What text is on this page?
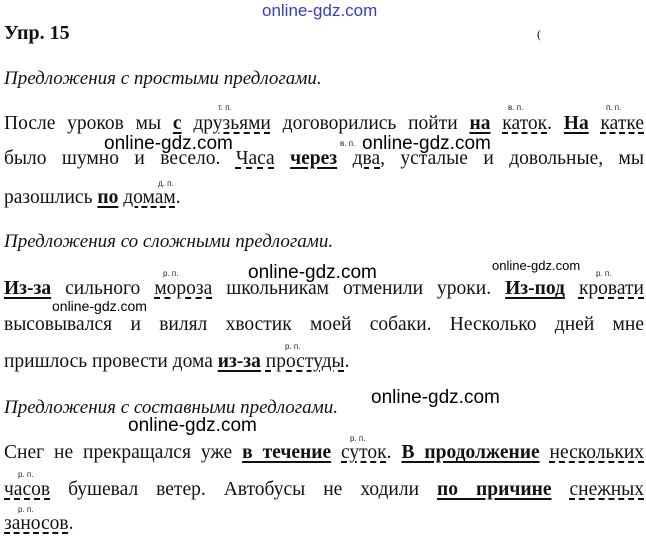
online-gdz.com
Упр. 15	(
Предложения с простыми предлогами.
После уроков мы с друзьями договорились пойти на каток. На катке
т. п.	в. п.	п. п.
было шумно и весело. Часа через два, усталые и довольные, мы
в. п.
разошлись по домам.
д. п.
Предложения со сложными предлогами.
Из-за сильного мороза школьникам отменили уроки. Из-под кровати
р. п.	р. п.
высовывался и вилял хвостик моей собаки. Несколько дней мне
пришлось провести дома из-за простуды.
р. п.
Предложения с составными предлогами.
Снег не прекращался уже в течение суток. В продолжение нескольких
р. п.
часов бушевал ветер. Автобусы не ходили по причине снежных
р. п.
заносов.
р. п.
online-gdz.com	online-gdz.com
online-gdz.com	online-gdz.com
online-gdz.com
online-gdz.com
online-gdz.com
